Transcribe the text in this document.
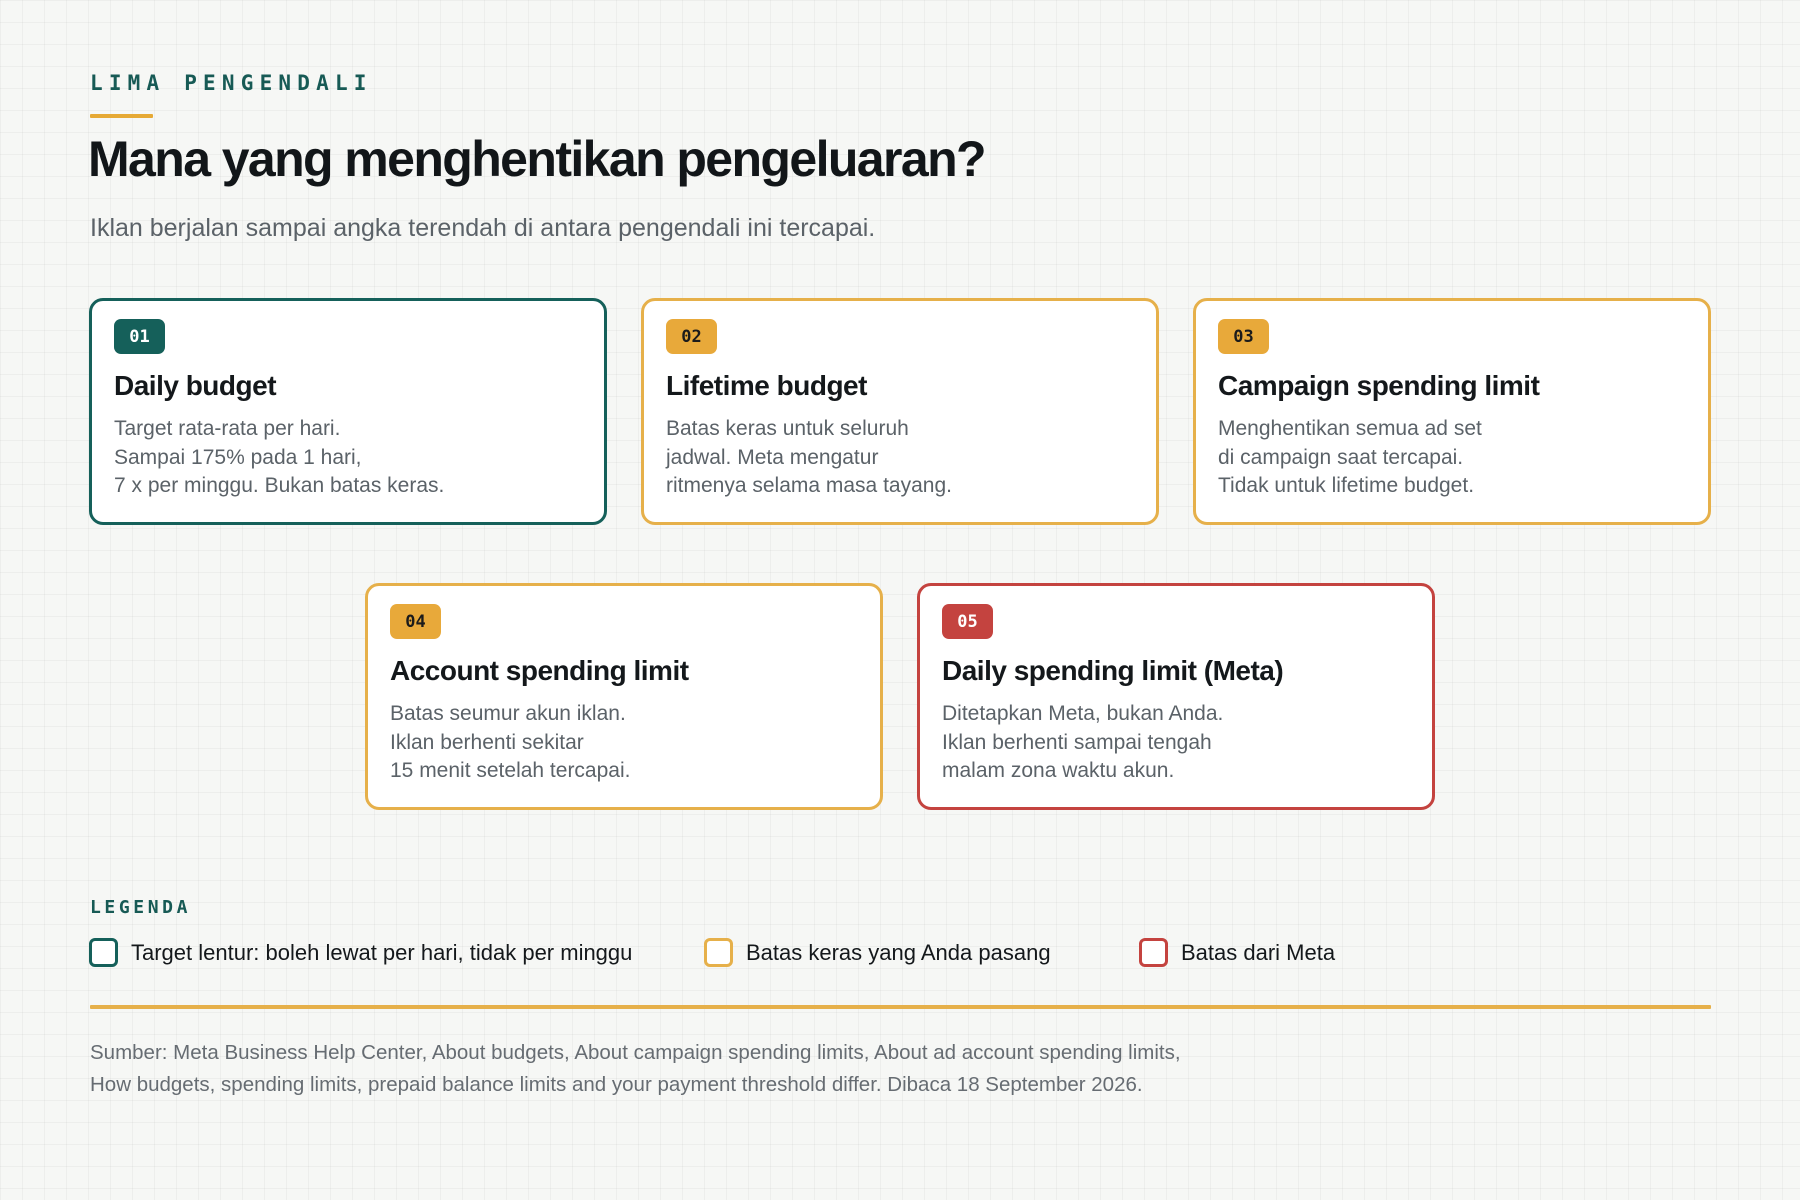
LIMA PENGENDALI
Mana yang menghentikan pengeluaran?

Iklan berjalan sampai angka terendah di antara pengendali ini tercapai.

01
Daily budget
Target rata-rata per hari.
Sampai 175% pada 1 hari,
7 x per minggu. Bukan batas keras.
02
Lifetime budget
Batas keras untuk seluruh
jadwal. Meta mengatur
ritmenya selama masa tayang.
03
Campaign spending limit
Menghentikan semua ad set
di campaign saat tercapai.
Tidak untuk lifetime budget.
04
Account spending limit
Batas seumur akun iklan.
Iklan berhenti sekitar
15 menit setelah tercapai.
05
Daily spending limit (Meta)
Ditetapkan Meta, bukan Anda.
Iklan berhenti sampai tengah
malam zona waktu akun.
LEGENDA
Target lentur: boleh lewat per hari, tidak per minggu	Batas keras yang Anda pasang	Batas dari Meta
Sumber: Meta Business Help Center, About budgets, About campaign spending limits, About ad account spending limits,
How budgets, spending limits, prepaid balance limits and your payment threshold differ. Dibaca 18 September 2026.
